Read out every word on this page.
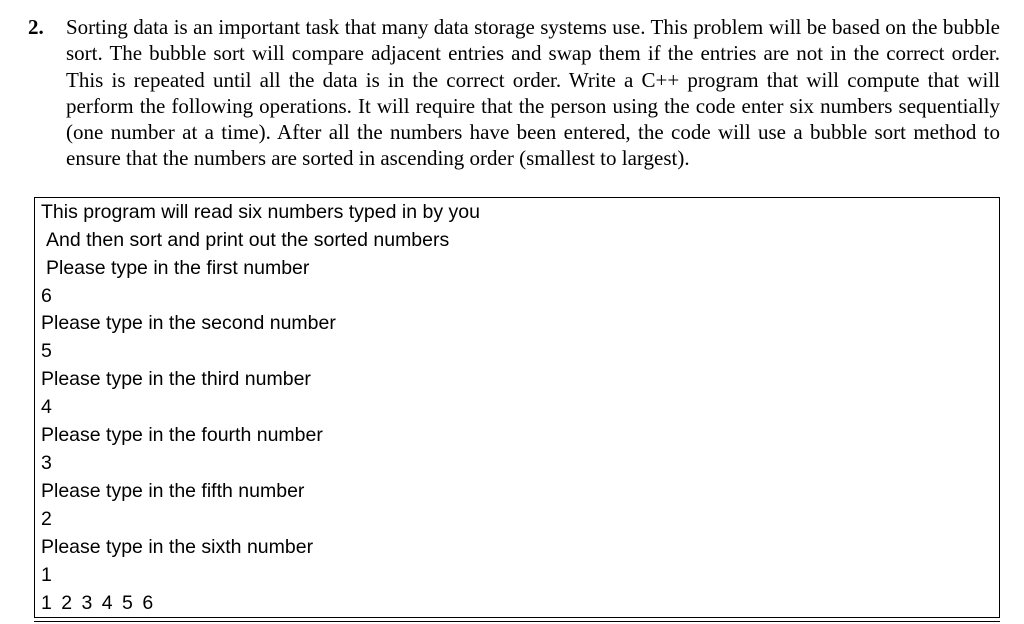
2. Sorting data is an important task that many data storage systems use. This problem will be based on the bubble sort. The bubble sort will compare adjacent entries and swap them if the entries are not in the correct order. This is repeated until all the data is in the correct order. Write a C++ program that will compute that will perform the following operations. It will require that the person using the code enter six numbers sequentially (one number at a time). After all the numbers have been entered, the code will use a bubble sort method to ensure that the numbers are sorted in ascending order (smallest to largest).
This program will read six numbers typed in by you
And then sort and print out the sorted numbers
Please type in the first number
6
Please type in the second number
5
Please type in the third number
4
Please type in the fourth number
3
Please type in the fifth number
2
Please type in the sixth number
1
1 2 3 4 5 6
